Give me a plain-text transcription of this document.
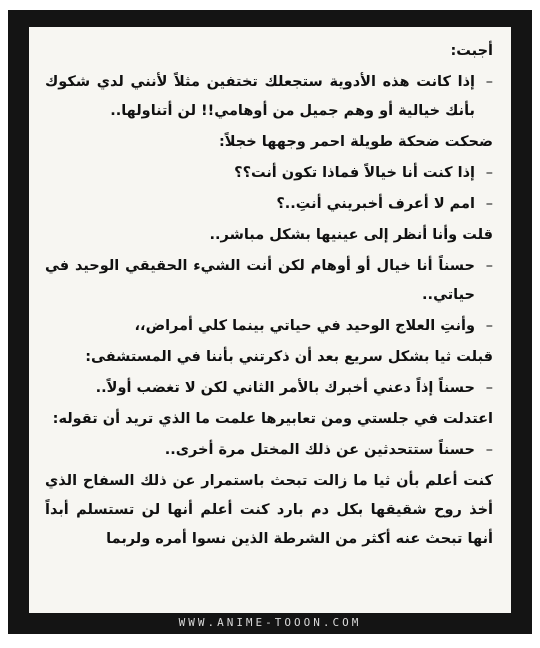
أجبت:

– إذا كانت هذه الأدوية ستجعلك تختفين مثلاً لأنني لدي شكوك بأنك خيالية أو وهم جميل من أوهامي!! لن أتناولها..

ضحكت ضحكة طويلة احمر وجهها خجلاً:

– إذا كنت أنا خيالاً فماذا تكون أنت؟؟

– امم لا أعرف أخبريني أنتِ..؟

قلت وأنا أنظر إلى عينيها بشكل مباشر..

– حسناً أنا خيال أو أوهام لكن أنت الشيء الحقيقي الوحيد في حياتي..

– وأنتِ العلاج الوحيد في حياتي بينما كلي أمراض،،

قبلت ثيا بشكل سريع بعد أن ذكرتني بأننا في المستشفى:

– حسناً إذاً دعني أخبرك بالأمر الثاني لكن لا تغضب أولاً..

اعتدلت في جلستي ومن تعابيرها علمت ما الذي تريد أن تقوله:

– حسناً ستتحدثين عن ذلك المختل مرة أخرى..

كنت أعلم بأن ثيا ما زالت تبحث باستمرار عن ذلك السفاح الذي أخذ روح شقيقها بكل دم بارد كنت أعلم أنها لن تستسلم أبداً أنها تبحث عنه أكثر من الشرطة الذين نسوا أمره ولربما

WWW.ANIME-TOOON.COM
